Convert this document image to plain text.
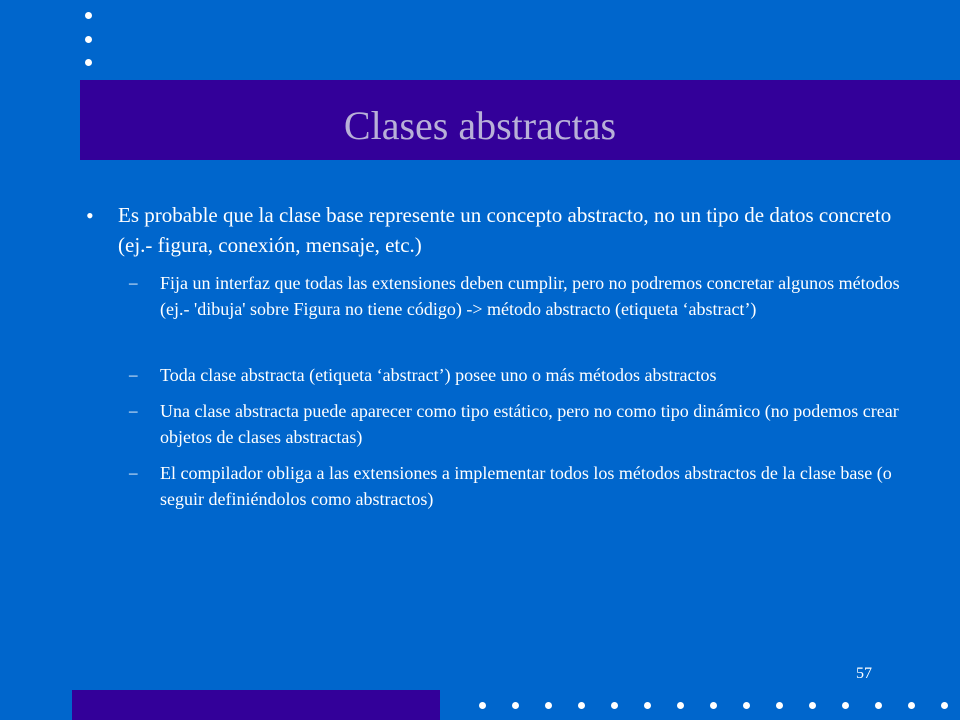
Clases abstractas
• Es probable que la clase base represente un concepto abstracto, no un tipo de datos concreto (ej.- figura, conexión, mensaje, etc.)
– Fija un interfaz que todas las extensiones deben cumplir, pero no podremos concretar algunos métodos (ej.- 'dibuja' sobre Figura no tiene código) -> método abstracto (etiqueta ‘abstract’)
– Toda clase abstracta (etiqueta ‘abstract’) posee uno o más métodos abstractos
– Una clase abstracta puede aparecer como tipo estático, pero no como tipo dinámico (no podemos crear objetos de clases abstractas)
– El compilador obliga a las extensiones a implementar todos los métodos abstractos de la clase base (o seguir definiéndolos como abstractos)
57
